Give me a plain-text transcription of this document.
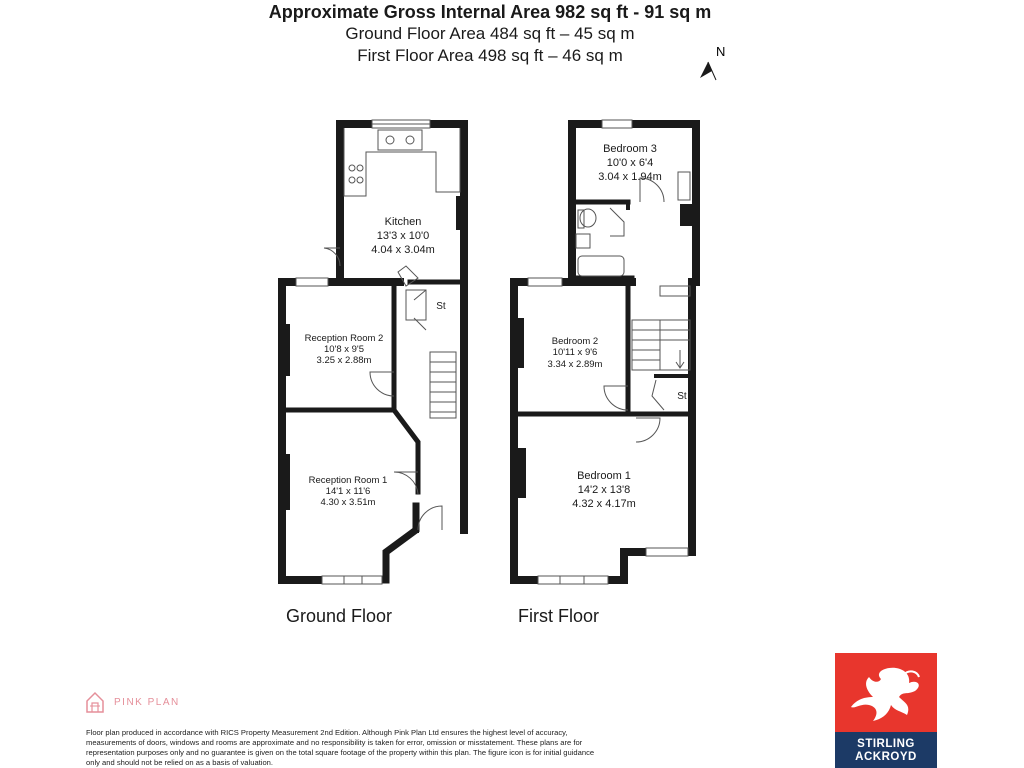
Approximate Gross Internal Area 982 sq ft - 91 sq m
Ground Floor Area 484 sq ft – 45 sq m
First Floor Area 498 sq ft – 46 sq m	N
Kitchen
13'3 x 10'0
4.04 x 3.04m
Reception Room 2
10'8 x 9'5
3.25 x 2.88m
Reception Room 1
14'1 x 11'6
4.30 x 3.51m
St
Bedroom 3
10'0 x 6'4
3.04 x 1.94m
Bedroom 2
10'11 x 9'6
3.34 x 2.89m
Bedroom 1
14'2 x 13'8
4.32 x 4.17m
St
Ground Floor	First Floor
PINK PLAN
Floor plan produced in accordance with RICS Property Measurement 2nd Edition. Although Pink Plan Ltd ensures the highest level of accuracy, measurements of doors, windows and rooms are approximate and no responsibility is taken for error, omission or misstatement. These plans are for representation purposes only and no guarantee is given on the total square footage of the property within this plan. The figure icon is for initial guidance only and should not be relied on as a basis of valuation.
STIRLING
ACKROYD
